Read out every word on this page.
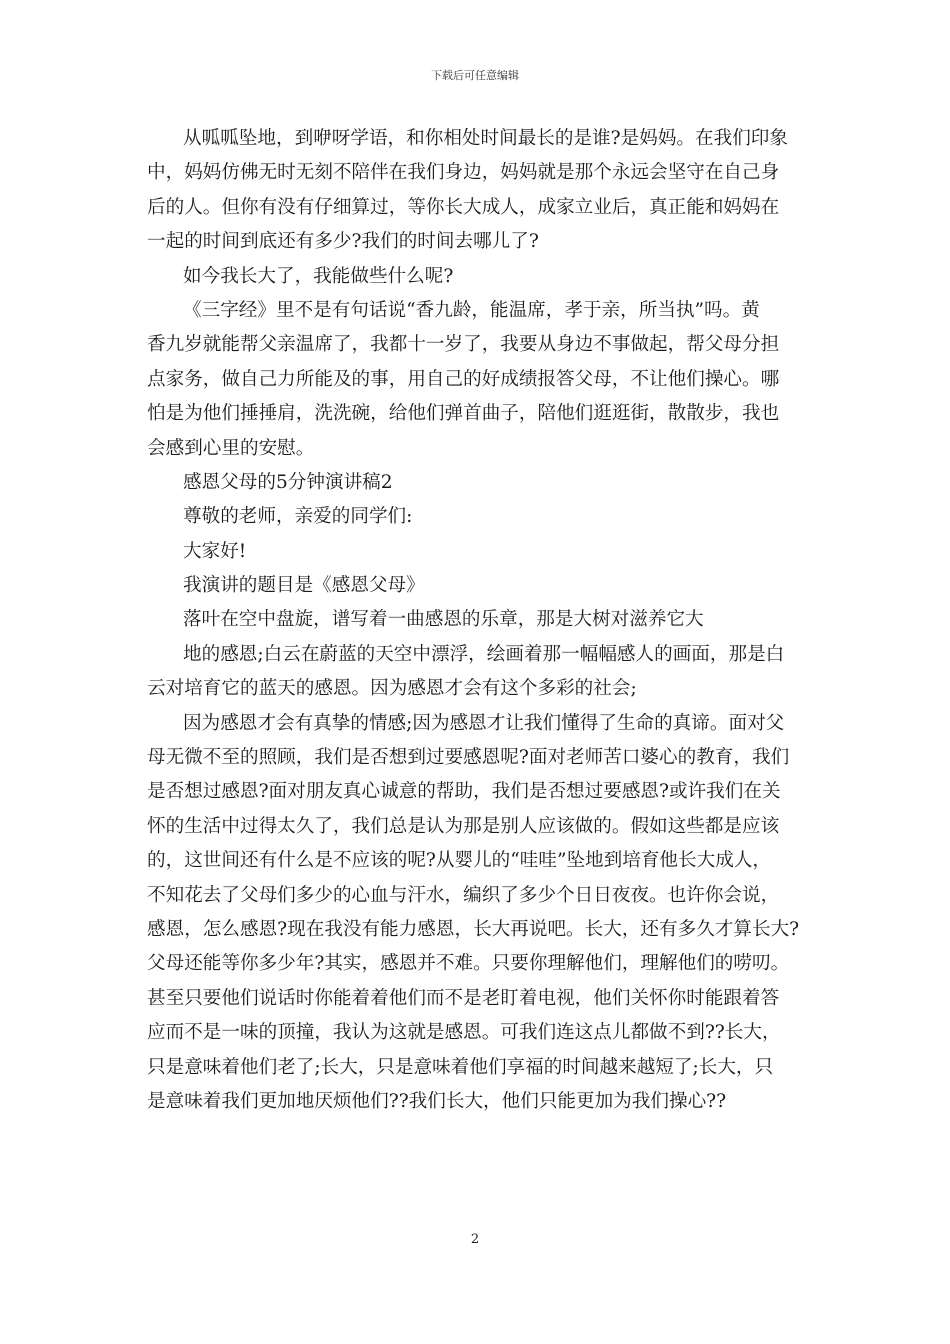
下载后可任意编辑
从呱呱坠地，到咿呀学语，和你相处时间最长的是谁?是妈妈。在我们印象
中，妈妈仿佛无时无刻不陪伴在我们身边，妈妈就是那个永远会坚守在自己身
后的人。但你有没有仔细算过，等你长大成人，成家立业后，真正能和妈妈在
一起的时间到底还有多少?我们的时间去哪儿了?
如今我长大了，我能做些什么呢?
《三字经》里不是有句话说“香九龄，能温席，孝于亲，所当执”吗。黄
香九岁就能帮父亲温席了，我都十一岁了，我要从身边不事做起，帮父母分担
点家务，做自己力所能及的事，用自己的好成绩报答父母，不让他们操心。哪
怕是为他们捶捶肩，洗洗碗，给他们弹首曲子，陪他们逛逛街，散散步，我也
会感到心里的安慰。
感恩父母的5分钟演讲稿2
尊敬的老师，亲爱的同学们:
大家好!
我演讲的题目是《感恩父母》
落叶在空中盘旋，谱写着一曲感恩的乐章，那是大树对滋养它大
地的感恩;白云在蔚蓝的天空中漂浮，绘画着那一幅幅感人的画面，那是白
云对培育它的蓝天的感恩。因为感恩才会有这个多彩的社会;
因为感恩才会有真挚的情感;因为感恩才让我们懂得了生命的真谛。面对父
母无微不至的照顾，我们是否想到过要感恩呢?面对老师苦口婆心的教育，我们
是否想过感恩?面对朋友真心诚意的帮助，我们是否想过要感恩?或许我们在关
怀的生活中过得太久了，我们总是认为那是别人应该做的。假如这些都是应该
的，这世间还有什么是不应该的呢?从婴儿的“哇哇”坠地到培育他长大成人，
不知花去了父母们多少的心血与汗水，编织了多少个日日夜夜。也许你会说，
感恩，怎么感恩?现在我没有能力感恩，长大再说吧。长大，还有多久才算长大?
父母还能等你多少年?其实，感恩并不难。只要你理解他们，理解他们的唠叨。
甚至只要他们说话时你能着着他们而不是老盯着电视，他们关怀你时能跟着答
应而不是一味的顶撞，我认为这就是感恩。可我们连这点儿都做不到??长大，
只是意味着他们老了;长大，只是意味着他们享福的时间越来越短了;长大，只
是意味着我们更加地厌烦他们??我们长大，他们只能更加为我们操心??
2
